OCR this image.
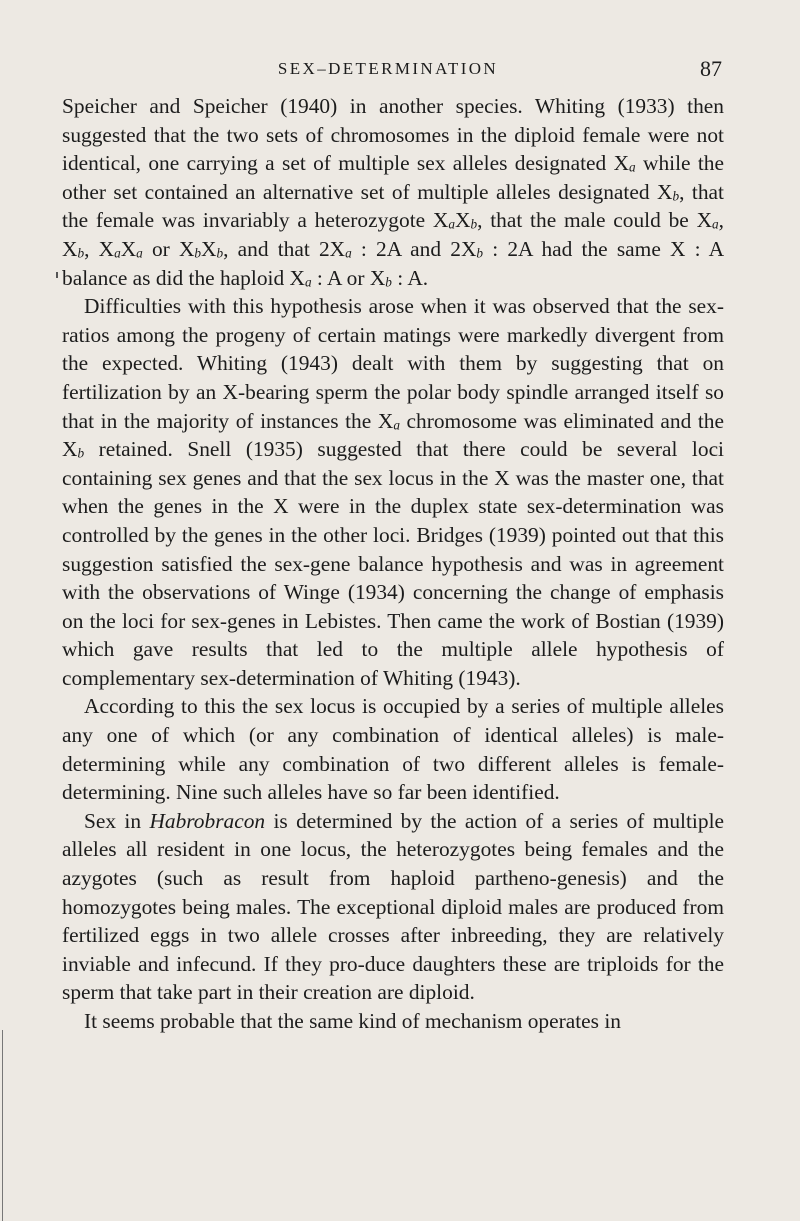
SEX–DETERMINATION	87

Speicher and Speicher (1940) in another species. Whiting (1933) then suggested that the two sets of chromosomes in the diploid female were not identical, one carrying a set of multiple sex alleles designated $X_a$ while the other set contained an alternative set of multiple alleles designated $X_b$, that the female was invariably a heterozygote $X_aX_b$, that the male could be $X_a$, $X_b$, $X_aX_a$ or $X_bX_b$, and that $2X_a$ : 2A and $2X_b$ : 2A had the same X : A balance as did the haploid $X_a$ : A or $X_b$ : A.

Difficulties with this hypothesis arose when it was observed that the sex-ratios among the progeny of certain matings were markedly divergent from the expected. Whiting (1943) dealt with them by suggesting that on fertilization by an X-bearing sperm the polar body spindle arranged itself so that in the majority of instances the $X_a$ chromosome was eliminated and the $X_b$ retained. Snell (1935) suggested that there could be several loci containing sex genes and that the sex locus in the X was the master one, that when the genes in the X were in the duplex state sex-determination was controlled by the genes in the other loci. Bridges (1939) pointed out that this suggestion satisfied the sex-gene balance hypothesis and was in agreement with the observations of Winge (1934) concerning the change of emphasis on the loci for sex-genes in Lebistes. Then came the work of Bostian (1939) which gave results that led to the multiple allele hypothesis of complementary sex-determination of Whiting (1943).

According to this the sex locus is occupied by a series of multiple alleles any one of which (or any combination of identical alleles) is male-determining while any combination of two different alleles is female-determining. Nine such alleles have so far been identified.

Sex in Habrobracon is determined by the action of a series of multiple alleles all resident in one locus, the heterozygotes being females and the azygotes (such as result from haploid partheno-genesis) and the homozygotes being males. The exceptional diploid males are produced from fertilized eggs in two allele crosses after inbreeding, they are relatively inviable and infecund. If they pro-duce daughters these are triploids for the sperm that take part in their creation are diploid.

It seems probable that the same kind of mechanism operates in
